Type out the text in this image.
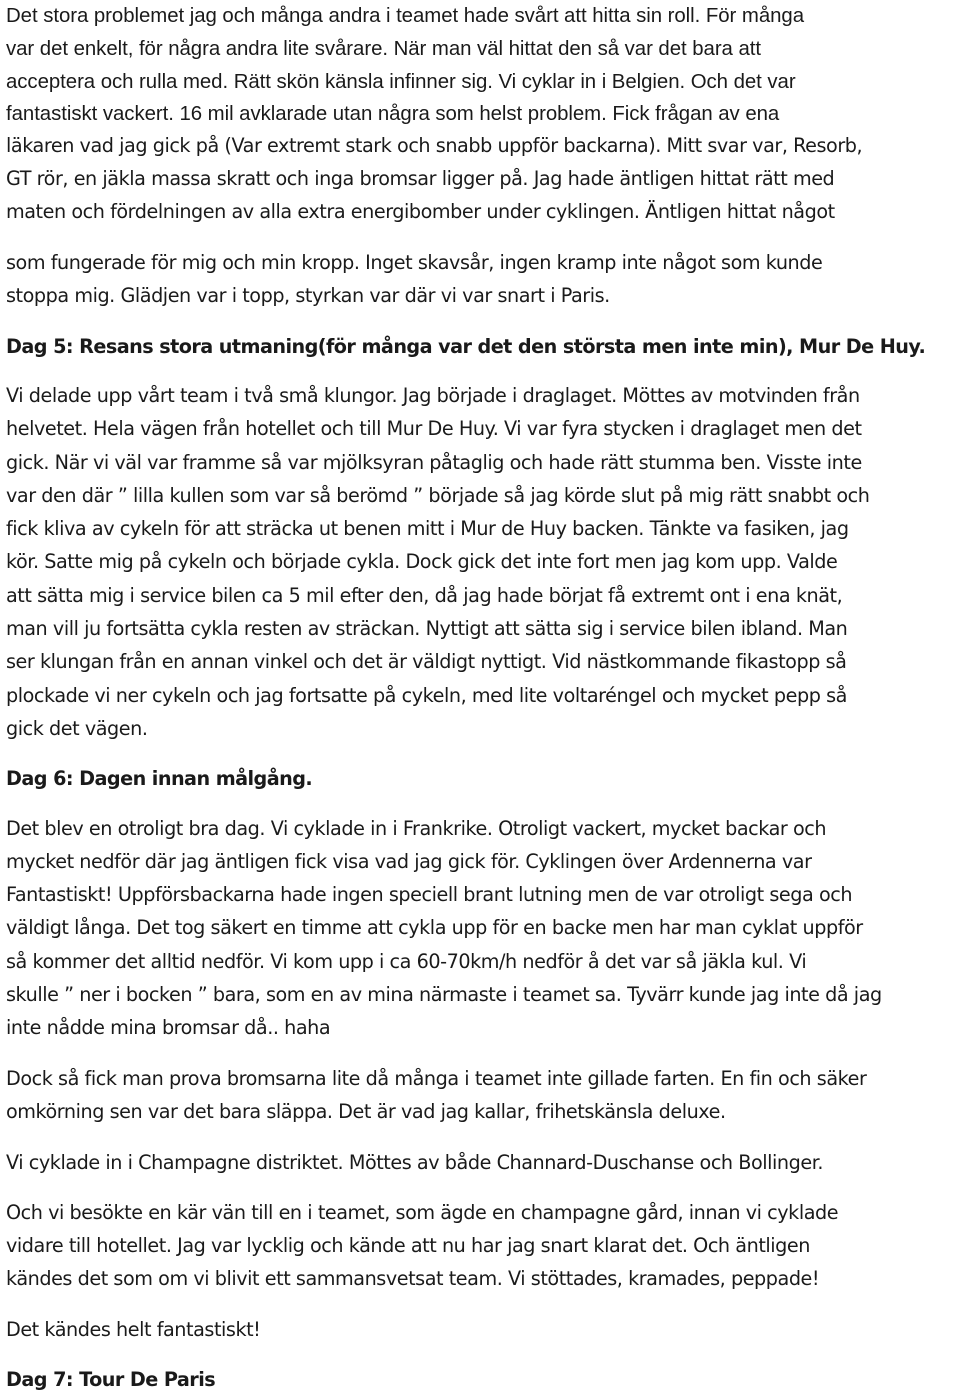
Det stora problemet jag och många andra i teamet hade svårt att hitta sin roll. För många
var det enkelt, för några andra lite svårare. När man väl hittat den så var det bara att
acceptera och rulla med. Rätt skön känsla infinner sig. Vi cyklar in i Belgien. Och det var
fantastiskt vackert. 16 mil avklarade utan några som helst problem. Fick frågan av ena
läkaren vad jag gick på (Var extremt stark och snabb uppför backarna). Mitt svar var, Resorb,
GT rör, en jäkla massa skratt och inga bromsar ligger på. Jag hade äntligen hittat rätt med
maten och fördelningen av alla extra energibomber under cyklingen. Äntligen hittat något
som fungerade för mig och min kropp. Inget skavsår, ingen kramp inte något som kunde
stoppa mig. Glädjen var i topp, styrkan var där vi var snart i Paris.
Dag 5: Resans stora utmaning(för många var det den största men inte min), Mur De Huy.
Vi delade upp vårt team i två små klungor. Jag började i draglaget. Möttes av motvinden från
helvetet. Hela vägen från hotellet och till Mur De Huy. Vi var fyra stycken i draglaget men det
gick. När vi väl var framme så var mjölksyran påtaglig och hade rätt stumma ben. Visste inte
var den där ” lilla kullen som var så berömd ” började så jag körde slut på mig rätt snabbt och
fick kliva av cykeln för att sträcka ut benen mitt i Mur de Huy backen. Tänkte va fasiken, jag
kör. Satte mig på cykeln och började cykla. Dock gick det inte fort men jag kom upp. Valde
att sätta mig i service bilen ca 5 mil efter den, då jag hade börjat få extremt ont i ena knät,
man vill ju fortsätta cykla resten av sträckan. Nyttigt att sätta sig i service bilen ibland. Man
ser klungan från en annan vinkel och det är väldigt nyttigt. Vid nästkommande fikastopp så
plockade vi ner cykeln och jag fortsatte på cykeln, med lite voltaréngel och mycket pepp så
gick det vägen.
Dag 6: Dagen innan målgång.
Det blev en otroligt bra dag. Vi cyklade in i Frankrike. Otroligt vackert, mycket backar och
mycket nedför där jag äntligen fick visa vad jag gick för. Cyklingen över Ardennerna var
Fantastiskt! Uppförsbackarna hade ingen speciell brant lutning men de var otroligt sega och
väldigt långa. Det tog säkert en timme att cykla upp för en backe men har man cyklat uppför
så kommer det alltid nedför. Vi kom upp i ca 60-70km/h nedför å det var så jäkla kul. Vi
skulle ” ner i bocken ” bara, som en av mina närmaste i teamet sa. Tyvärr kunde jag inte då jag
inte nådde mina bromsar då.. haha
Dock så fick man prova bromsarna lite då många i teamet inte gillade farten. En fin och säker
omkörning sen var det bara släppa. Det är vad jag kallar, frihetskänsla deluxe.
Vi cyklade in i Champagne distriktet. Möttes av både Channard-Duschanse och Bollinger.
Och vi besökte en kär vän till en i teamet, som ägde en champagne gård, innan vi cyklade
vidare till hotellet. Jag var lycklig och kände att nu har jag snart klarat det. Och äntligen
kändes det som om vi blivit ett sammansvetsat team. Vi stöttades, kramades, peppade!
Det kändes helt fantastiskt!
Dag 7: Tour De Paris
